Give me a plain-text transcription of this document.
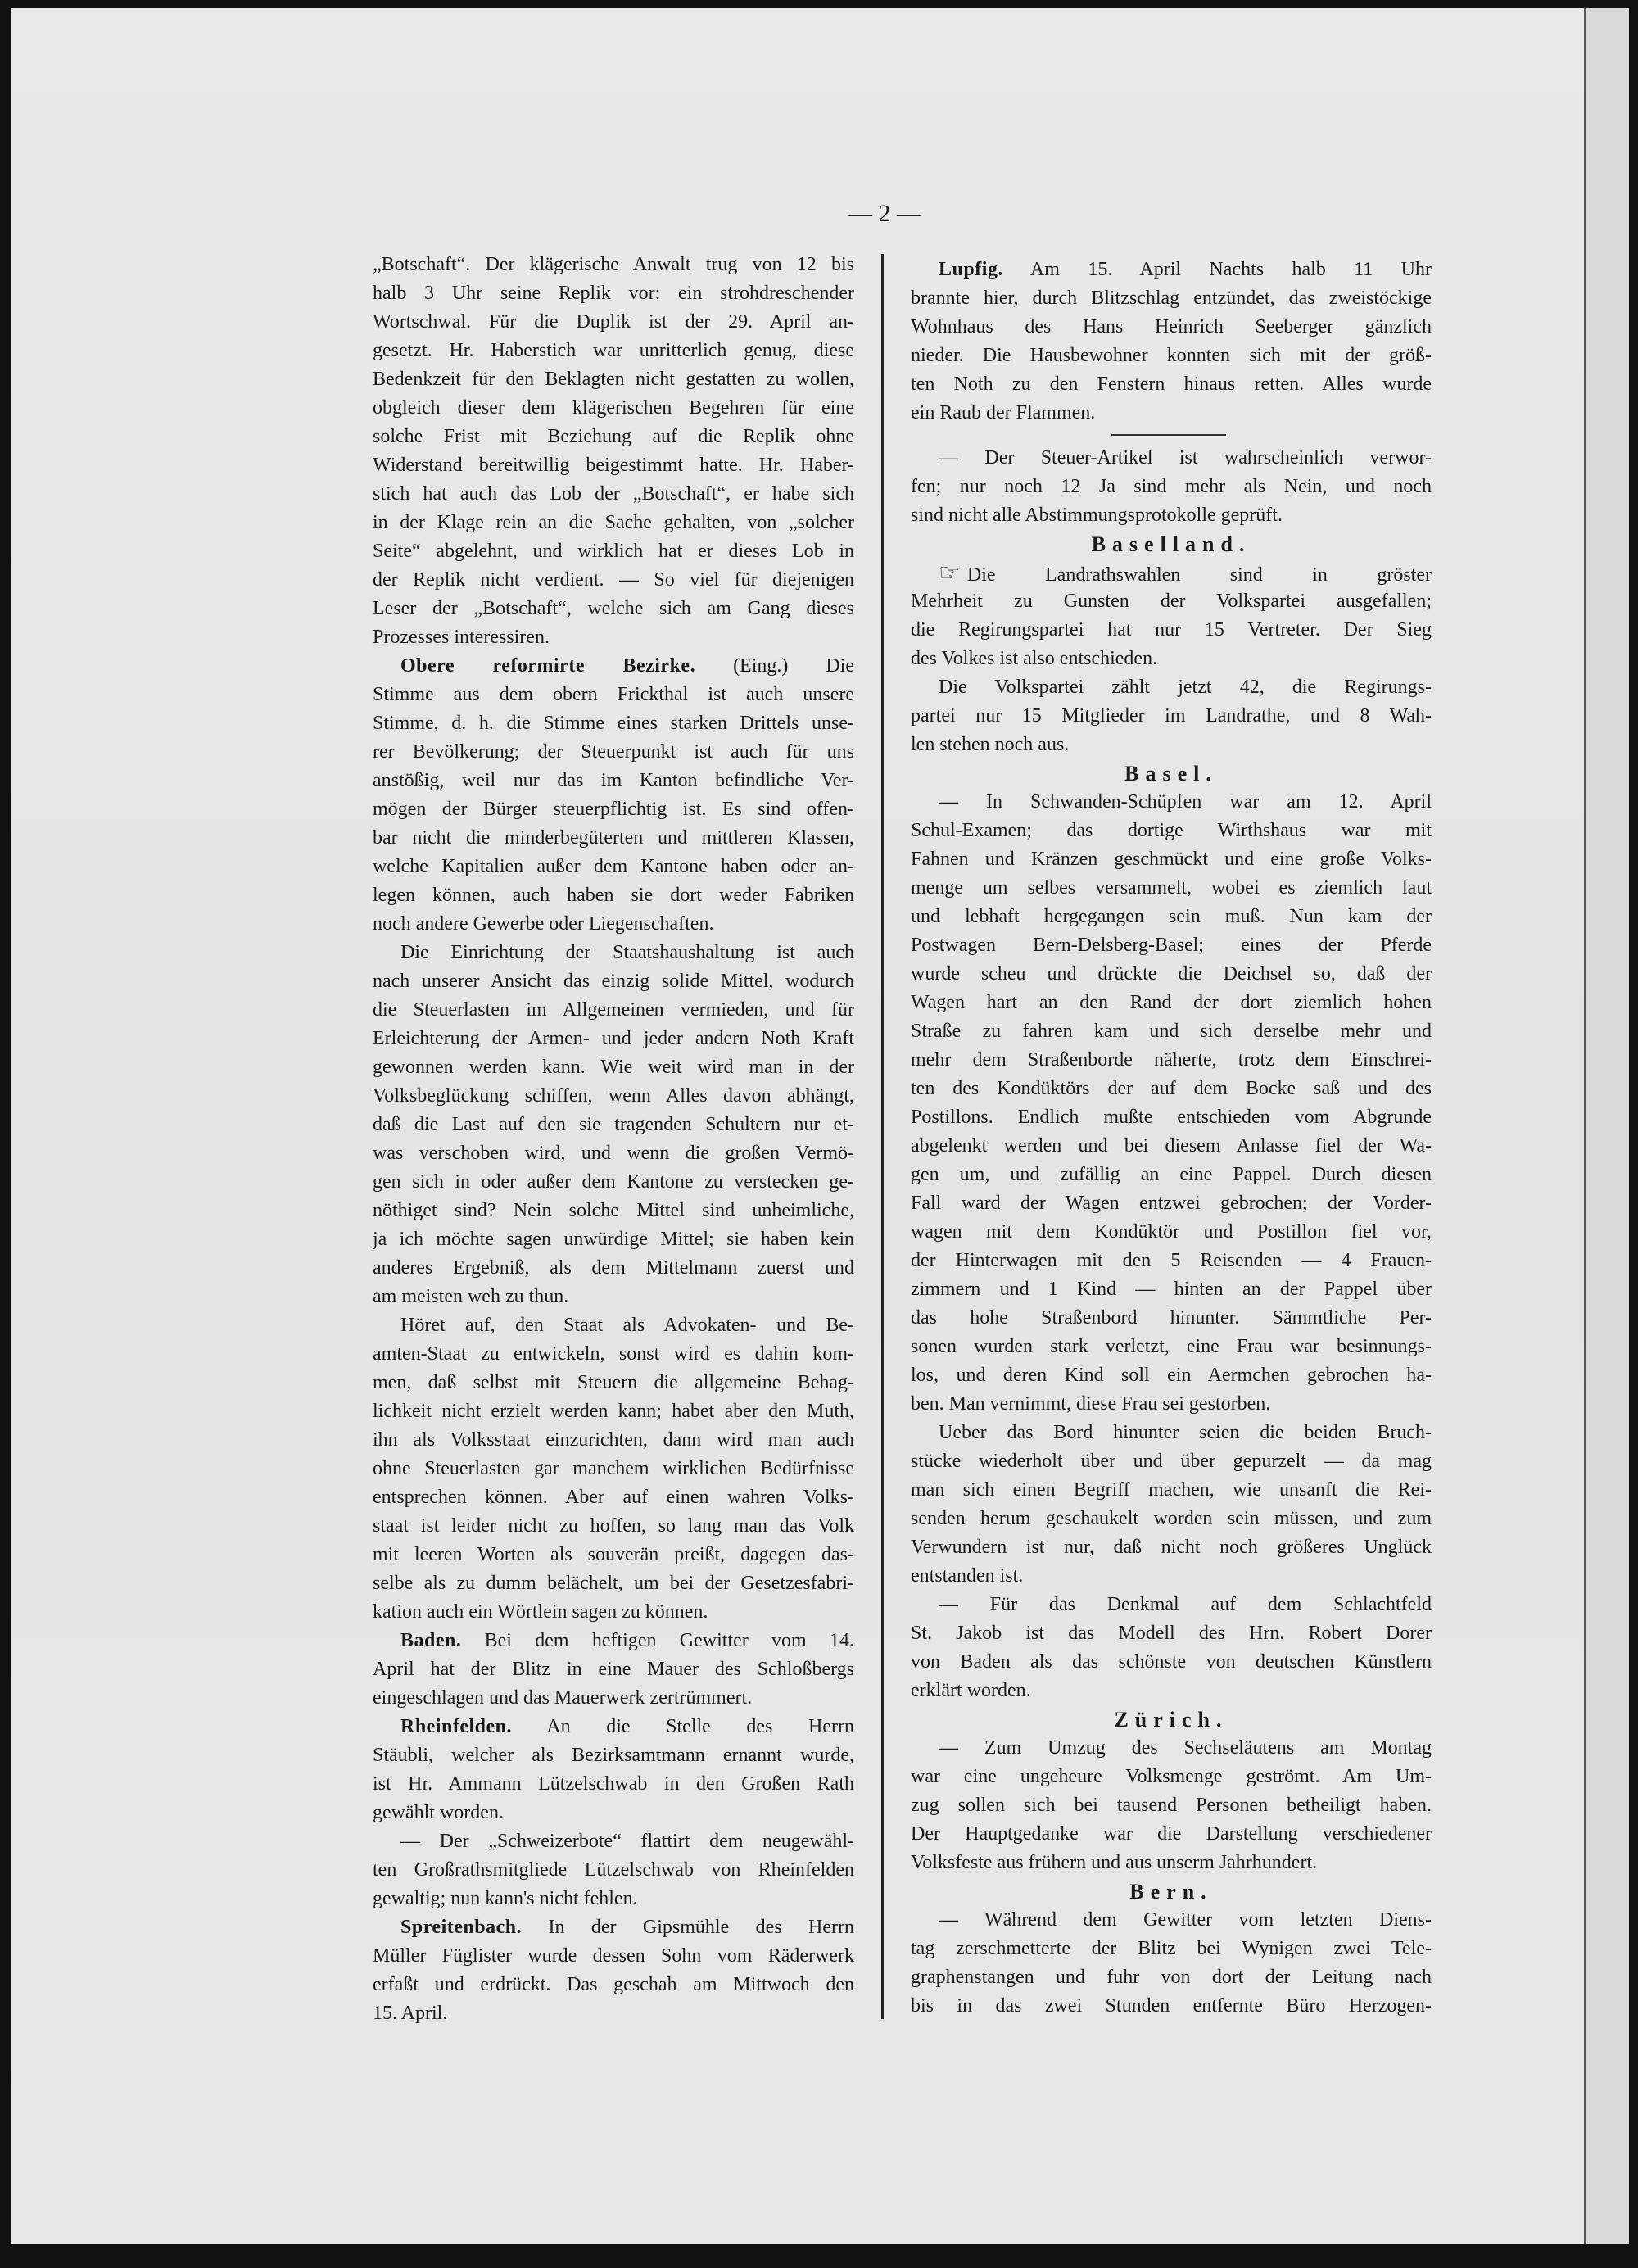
— 2 —
„Botschaft“. Der klägerische Anwalt trug von 12 bis
halb 3 Uhr seine Replik vor: ein strohdreschender
Wortschwal. Für die Duplik ist der 29. April an-
gesetzt. Hr. Haberstich war unritterlich genug, diese
Bedenkzeit für den Beklagten nicht gestatten zu wollen,
obgleich dieser dem klägerischen Begehren für eine
solche Frist mit Beziehung auf die Replik ohne
Widerstand bereitwillig beigestimmt hatte. Hr. Haber-
stich hat auch das Lob der „Botschaft“, er habe sich
in der Klage rein an die Sache gehalten, von „solcher
Seite“ abgelehnt, und wirklich hat er dieses Lob in
der Replik nicht verdient. — So viel für diejenigen
Leser der „Botschaft“, welche sich am Gang dieses
Prozesses interessiren.
Obere reformirte Bezirke. (Eing.) Die
Stimme aus dem obern Frickthal ist auch unsere
Stimme, d. h. die Stimme eines starken Drittels unse-
rer Bevölkerung; der Steuerpunkt ist auch für uns
anstößig, weil nur das im Kanton befindliche Ver-
mögen der Bürger steuerpflichtig ist. Es sind offen-
bar nicht die minderbegüterten und mittleren Klassen,
welche Kapitalien außer dem Kantone haben oder an-
legen können, auch haben sie dort weder Fabriken
noch andere Gewerbe oder Liegenschaften.
Die Einrichtung der Staatshaushaltung ist auch
nach unserer Ansicht das einzig solide Mittel, wodurch
die Steuerlasten im Allgemeinen vermieden, und für
Erleichterung der Armen- und jeder andern Noth Kraft
gewonnen werden kann. Wie weit wird man in der
Volksbeglückung schiffen, wenn Alles davon abhängt,
daß die Last auf den sie tragenden Schultern nur et-
was verschoben wird, und wenn die großen Vermö-
gen sich in oder außer dem Kantone zu verstecken ge-
nöthiget sind? Nein solche Mittel sind unheimliche,
ja ich möchte sagen unwürdige Mittel; sie haben kein
anderes Ergebniß, als dem Mittelmann zuerst und
am meisten weh zu thun.
Höret auf, den Staat als Advokaten- und Be-
amten-Staat zu entwickeln, sonst wird es dahin kom-
men, daß selbst mit Steuern die allgemeine Behag-
lichkeit nicht erzielt werden kann; habet aber den Muth,
ihn als Volksstaat einzurichten, dann wird man auch
ohne Steuerlasten gar manchem wirklichen Bedürfnisse
entsprechen können. Aber auf einen wahren Volks-
staat ist leider nicht zu hoffen, so lang man das Volk
mit leeren Worten als souverän preißt, dagegen das-
selbe als zu dumm belächelt, um bei der Gesetzesfabri-
kation auch ein Wörtlein sagen zu können.
Baden. Bei dem heftigen Gewitter vom 14.
April hat der Blitz in eine Mauer des Schloßbergs
eingeschlagen und das Mauerwerk zertrümmert.
Rheinfelden. An die Stelle des Herrn
Stäubli, welcher als Bezirksamtmann ernannt wurde,
ist Hr. Ammann Lützelschwab in den Großen Rath
gewählt worden.
— Der „Schweizerbote“ flattirt dem neugewähl-
ten Großrathsmitgliede Lützelschwab von Rheinfelden
gewaltig; nun kann's nicht fehlen.
Spreitenbach. In der Gipsmühle des Herrn
Müller Füglister wurde dessen Sohn vom Räderwerk
erfaßt und erdrückt. Das geschah am Mittwoch den
15. April.
Lupfig. Am 15. April Nachts halb 11 Uhr
brannte hier, durch Blitzschlag entzündet, das zweistöckige
Wohnhaus des Hans Heinrich Seeberger gänzlich
nieder. Die Hausbewohner konnten sich mit der größ-
ten Noth zu den Fenstern hinaus retten. Alles wurde
ein Raub der Flammen.
— Der Steuer-Artikel ist wahrscheinlich verwor-
fen; nur noch 12 Ja sind mehr als Nein, und noch
sind nicht alle Abstimmungsprotokolle geprüft.
Baselland.
☞ Die Landrathswahlen sind in gröster
Mehrheit zu Gunsten der Volkspartei ausgefallen;
die Regirungspartei hat nur 15 Vertreter. Der Sieg
des Volkes ist also entschieden.
Die Volkspartei zählt jetzt 42, die Regirungs-
partei nur 15 Mitglieder im Landrathe, und 8 Wah-
len stehen noch aus.
Basel.
— In Schwanden-Schüpfen war am 12. April
Schul-Examen; das dortige Wirthshaus war mit
Fahnen und Kränzen geschmückt und eine große Volks-
menge um selbes versammelt, wobei es ziemlich laut
und lebhaft hergegangen sein muß. Nun kam der
Postwagen Bern-Delsberg-Basel; eines der Pferde
wurde scheu und drückte die Deichsel so, daß der
Wagen hart an den Rand der dort ziemlich hohen
Straße zu fahren kam und sich derselbe mehr und
mehr dem Straßenborde näherte, trotz dem Einschrei-
ten des Kondüktörs der auf dem Bocke saß und des
Postillons. Endlich mußte entschieden vom Abgrunde
abgelenkt werden und bei diesem Anlasse fiel der Wa-
gen um, und zufällig an eine Pappel. Durch diesen
Fall ward der Wagen entzwei gebrochen; der Vorder-
wagen mit dem Kondüktör und Postillon fiel vor,
der Hinterwagen mit den 5 Reisenden — 4 Frauen-
zimmern und 1 Kind — hinten an der Pappel über
das hohe Straßenbord hinunter. Sämmtliche Per-
sonen wurden stark verletzt, eine Frau war besinnungs-
los, und deren Kind soll ein Aermchen gebrochen ha-
ben. Man vernimmt, diese Frau sei gestorben.
Ueber das Bord hinunter seien die beiden Bruch-
stücke wiederholt über und über gepurzelt — da mag
man sich einen Begriff machen, wie unsanft die Rei-
senden herum geschaukelt worden sein müssen, und zum
Verwundern ist nur, daß nicht noch größeres Unglück
entstanden ist.
— Für das Denkmal auf dem Schlachtfeld
St. Jakob ist das Modell des Hrn. Robert Dorer
von Baden als das schönste von deutschen Künstlern
erklärt worden.
Zürich.
— Zum Umzug des Sechseläutens am Montag
war eine ungeheure Volksmenge geströmt. Am Um-
zug sollen sich bei tausend Personen betheiligt haben.
Der Hauptgedanke war die Darstellung verschiedener
Volksfeste aus frühern und aus unserm Jahrhundert.
Bern.
— Während dem Gewitter vom letzten Diens-
tag zerschmetterte der Blitz bei Wynigen zwei Tele-
graphenstangen und fuhr von dort der Leitung nach
bis in das zwei Stunden entfernte Büro Herzogen-
